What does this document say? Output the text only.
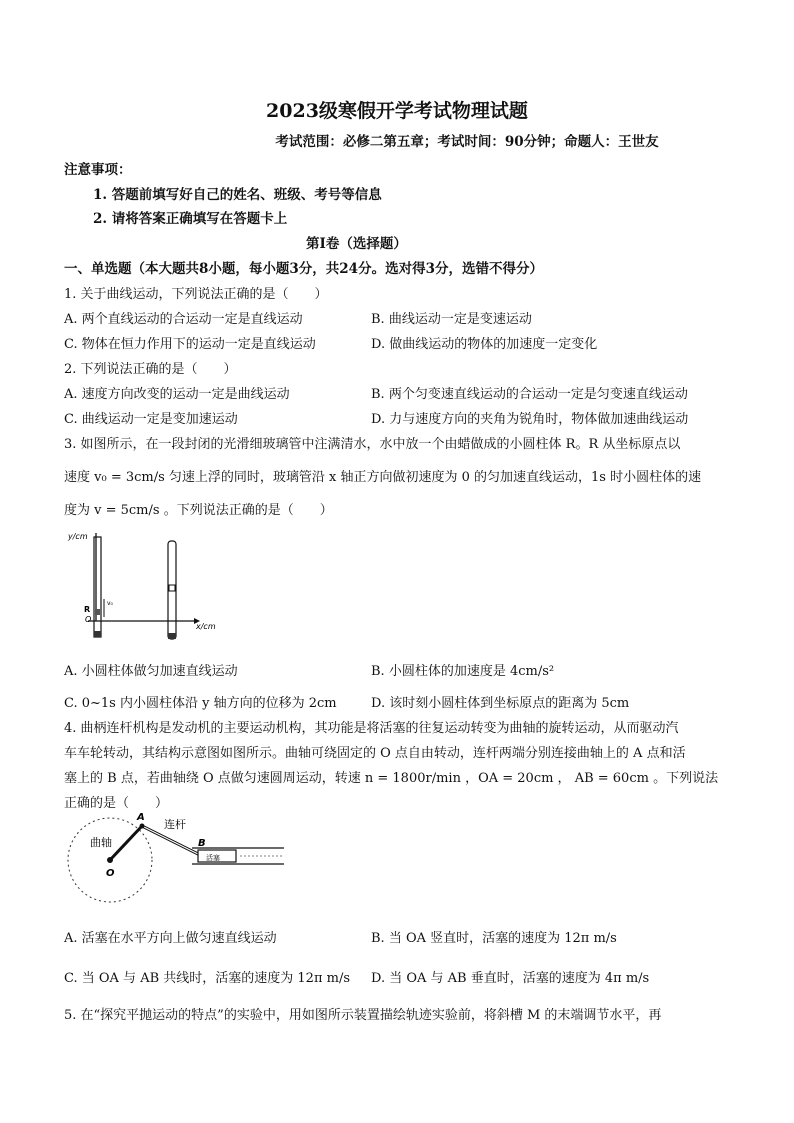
2023级寒假开学考试物理试题
考试范围：必修二第五章；考试时间：90分钟；命题人：王世友
注意事项：
1. 答题前填写好自己的姓名、班级、考号等信息
2. 请将答案正确填写在答题卡上
第Ⅰ卷（选择题）
一、单选题（本大题共8小题，每小题3分，共24分。选对得3分，选错不得分）
1. 关于曲线运动，下列说法正确的是（　　）
A. 两个直线运动的合运动一定是直线运动	B. 曲线运动一定是变速运动
C. 物体在恒力作用下的运动一定是直线运动	D. 做曲线运动的物体的加速度一定变化
2. 下列说法正确的是（　　）
A. 速度方向改变的运动一定是曲线运动	B. 两个匀变速直线运动的合运动一定是匀变速直线运动
C. 曲线运动一定是变加速运动	D. 力与速度方向的夹角为锐角时，物体做加速曲线运动
3. 如图所示，在一段封闭的光滑细玻璃管中注满清水，水中放一个由蜡做成的小圆柱体 R。R 从坐标原点以
速度 v₀ = 3cm/s 匀速上浮的同时，玻璃管沿 x 轴正方向做初速度为 0 的匀加速直线运动，1s 时小圆柱体的速
度为 v = 5cm/s 。下列说法正确的是（　　）
y/cm
x/cm
R
O
v₀
A. 小圆柱体做匀加速直线运动	B. 小圆柱体的加速度是 4cm/s²
C. 0~1s 内小圆柱体沿 y 轴方向的位移为 2cm	D. 该时刻小圆柱体到坐标原点的距离为 5cm
4. 曲柄连杆机构是发动机的主要运动机构，其功能是将活塞的往复运动转变为曲轴的旋转运动，从而驱动汽
车车轮转动，其结构示意图如图所示。曲轴可绕固定的 O 点自由转动，连杆两端分别连接曲轴上的 A 点和活
塞上的 B 点，若曲轴绕 O 点做匀速圆周运动，转速 n = 1800r/min ，OA = 20cm ， AB = 60cm 。下列说法
正确的是（　　）
曲轴
连杆
A
B
O
活塞
A. 活塞在水平方向上做匀速直线运动	B. 当 OA 竖直时，活塞的速度为 12π m/s
C. 当 OA 与 AB 共线时，活塞的速度为 12π m/s D. 当 OA 与 AB 垂直时，活塞的速度为 4π m/s
5. 在“探究平抛运动的特点”的实验中，用如图所示装置描绘轨迹实验前，将斜槽 M 的末端调节水平，再
